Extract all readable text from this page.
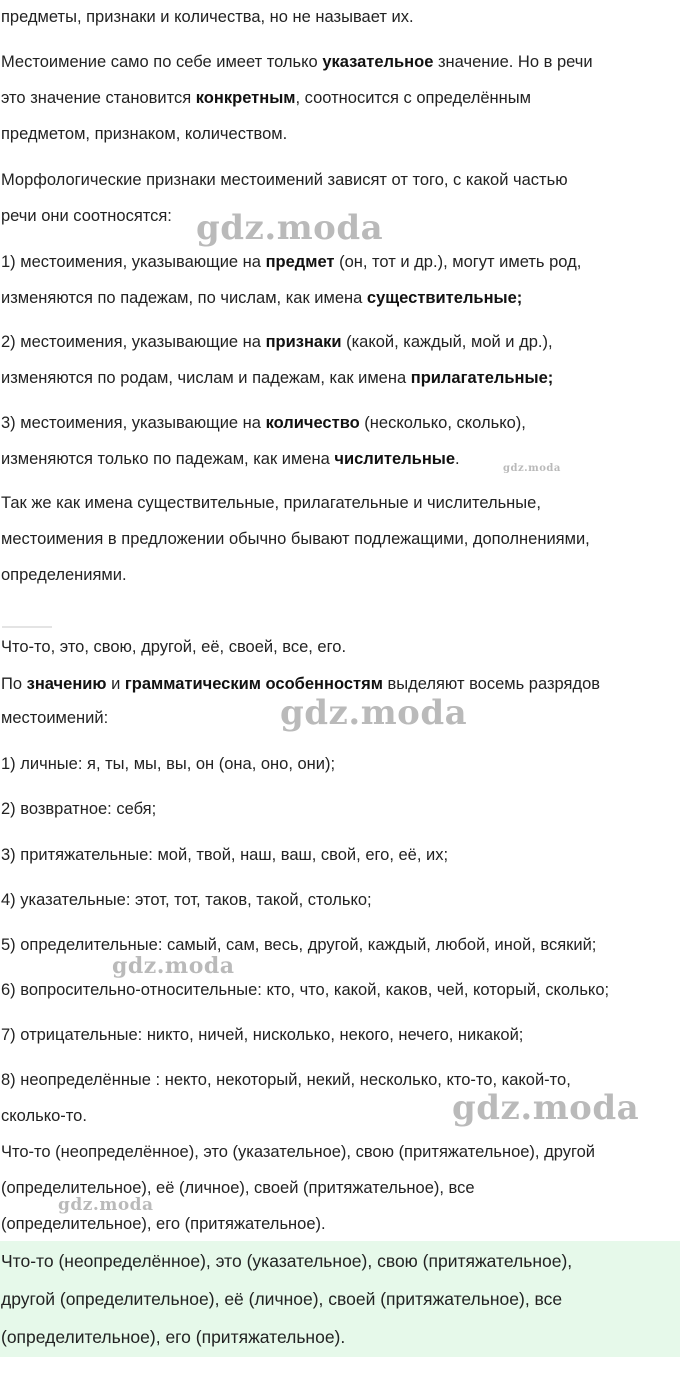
предметы, признаки и количества, но не называет их.

Местоимение само по себе имеет только указательное значение. Но в речи
это значение становится конкретным, соотносится с определённым
предметом, признаком, количеством.

Морфологические признаки местоимений зависят от того, с какой частью
речи они соотносятся:

1) местоимения, указывающие на предмет (он, тот и др.), могут иметь род,
изменяются по падежам, по числам, как имена существительные;

2) местоимения, указывающие на признаки (какой, каждый, мой и др.),
изменяются по родам, числам и падежам, как имена прилагательные;

3) местоимения, указывающие на количество (несколько, сколько),
изменяются только по падежам, как имена числительные.

Так же как имена существительные, прилагательные и числительные,
местоимения в предложении обычно бывают подлежащими, дополнениями,
определениями.

Что-то, это, свою, другой, её, своей, все, его.

По значению и грамматическим особенностям выделяют восемь разрядов
местоимений:

1) личные: я, ты, мы, вы, он (она, оно, они);

2) возвратное: себя;

3) притяжательные: мой, твой, наш, ваш, свой, его, её, их;

4) указательные: этот, тот, таков, такой, столько;

5) определительные: самый, сам, весь, другой, каждый, любой, иной, всякий;

6) вопросительно-относительные: кто, что, какой, каков, чей, который, сколько;

7) отрицательные: никто, ничей, нисколько, некого, нечего, никакой;

8) неопределённые : некто, некоторый, некий, несколько, кто-то, какой-то,
сколько-то.

Что-то (неопределённое), это (указательное), свою (притяжательное), другой
(определительное), её (личное), своей (притяжательное), все
(определительное), его (притяжательное).

Что-то (неопределённое), это (указательное), свою (притяжательное),
другой (определительное), её (личное), своей (притяжательное), все
(определительное), его (притяжательное).

gdz.moda
gdz.moda
gdz.moda
gdz.moda
gdz.moda
gdz.moda
